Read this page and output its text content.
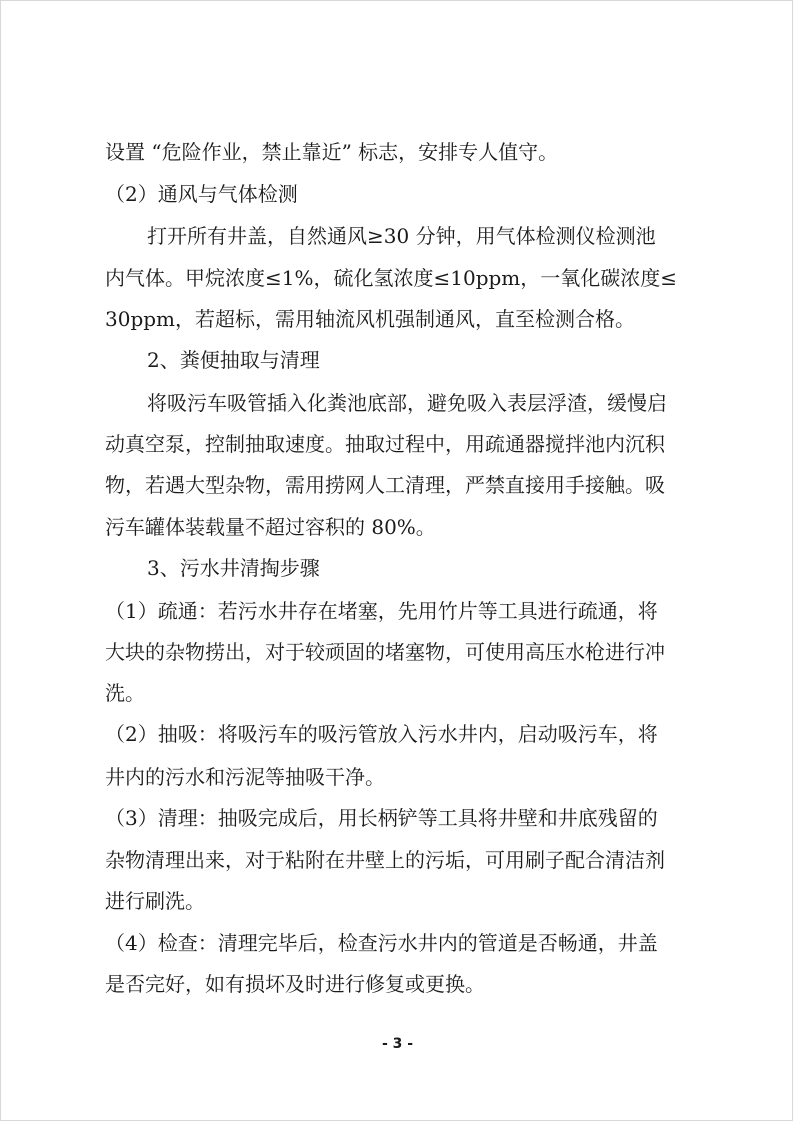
设置 “危险作业，禁止靠近” 标志，安排专人值守。
（2）通风与气体检测
打开所有井盖，自然通风≥30 分钟，用气体检测仪检测池
内气体。甲烷浓度≤1%，硫化氢浓度≤10ppm，一氧化碳浓度≤
30ppm，若超标，需用轴流风机强制通风，直至检测合格。
2、粪便抽取与清理
将吸污车吸管插入化粪池底部，避免吸入表层浮渣，缓慢启
动真空泵，控制抽取速度。抽取过程中，用疏通器搅拌池内沉积
物，若遇大型杂物，需用捞网人工清理，严禁直接用手接触。吸
污车罐体装载量不超过容积的 80%。
3、污水井清掏步骤
（1）疏通：若污水井存在堵塞，先用竹片等工具进行疏通，将
大块的杂物捞出，对于较顽固的堵塞物，可使用高压水枪进行冲
洗。
（2）抽吸：将吸污车的吸污管放入污水井内，启动吸污车，将
井内的污水和污泥等抽吸干净。
（3）清理：抽吸完成后，用长柄铲等工具将井壁和井底残留的
杂物清理出来，对于粘附在井壁上的污垢，可用刷子配合清洁剂
进行刷洗。
（4）检查：清理完毕后，检查污水井内的管道是否畅通，井盖
是否完好，如有损坏及时进行修复或更换。
- 3 -
